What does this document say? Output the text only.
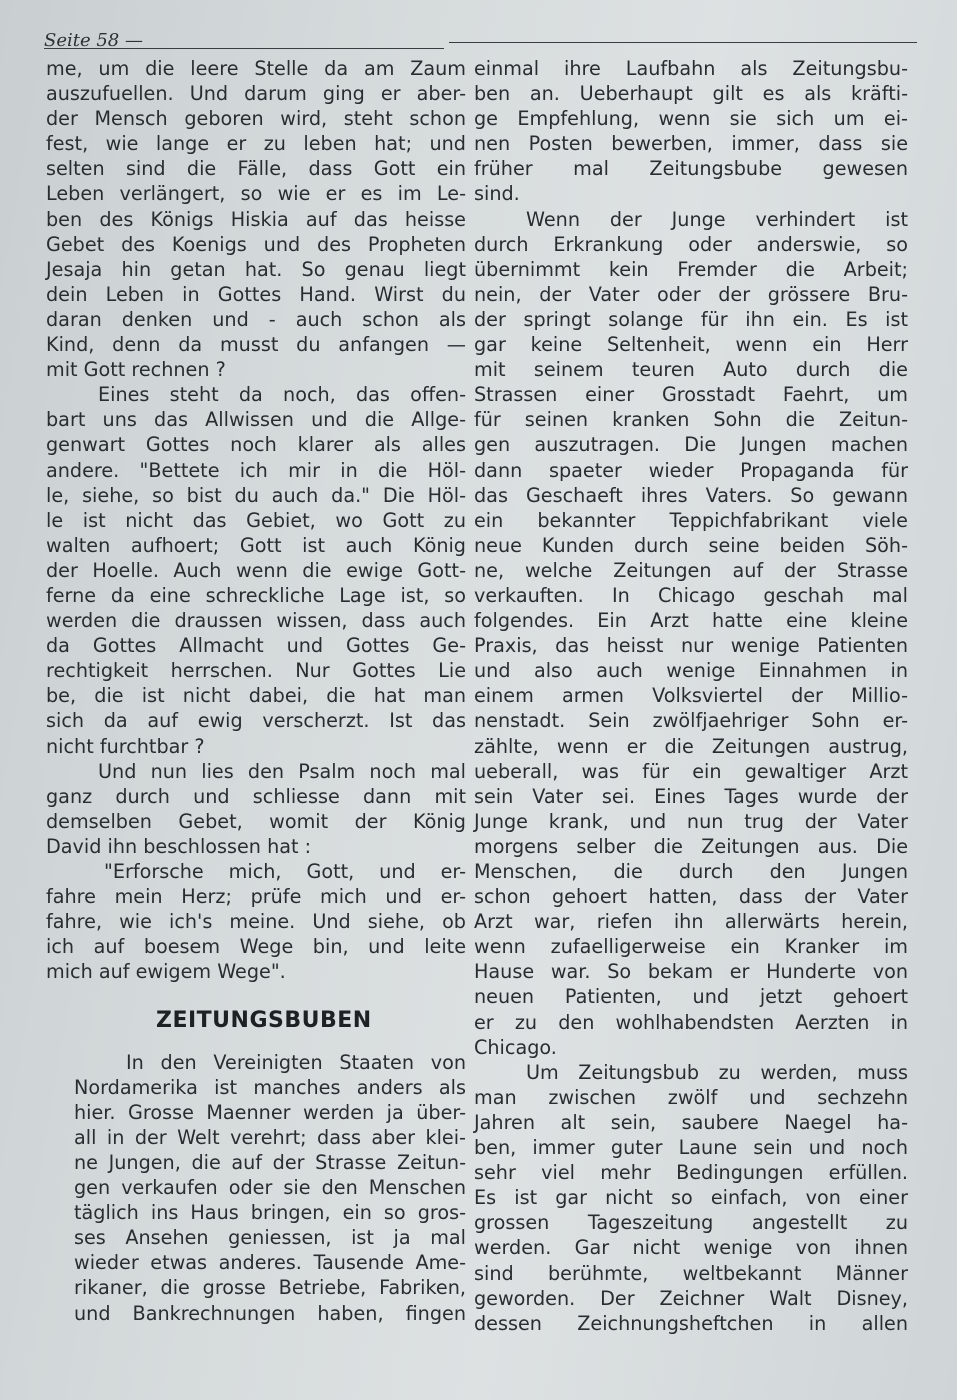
Seite 58 —
me, um die leere Stelle da am Zaum
auszufuellen. Und darum ging er aber-
der Mensch geboren wird, steht schon
fest, wie lange er zu leben hat; und
selten sind die Fälle, dass Gott ein
Leben verlängert, so wie er es im Le-
ben des Königs Hiskia auf das heisse
Gebet des Koenigs und des Propheten
Jesaja hin getan hat. So genau liegt
dein Leben in Gottes Hand. Wirst du
daran denken und - auch schon als
Kind, denn da musst du anfangen —
mit Gott rechnen ?
Eines steht da noch, das offen-
bart uns das Allwissen und die Allge-
genwart Gottes noch klarer als alles
andere. "Bettete ich mir in die Höl-
le, siehe, so bist du auch da." Die Höl-
le ist nicht das Gebiet, wo Gott zu
walten aufhoert; Gott ist auch König
der Hoelle. Auch wenn die ewige Gott-
ferne da eine schreckliche Lage ist, so
werden die draussen wissen, dass auch
da Gottes Allmacht und Gottes Ge-
rechtigkeit herrschen. Nur Gottes Lie
be, die ist nicht dabei, die hat man
sich da auf ewig verscherzt. Ist das
nicht furchtbar ?
Und nun lies den Psalm noch mal
ganz durch und schliesse dann mit
demselben Gebet, womit der König
David ihn beschlossen hat :
"Erforsche mich, Gott, und er-
fahre mein Herz; prüfe mich und er-
fahre, wie ich's meine. Und siehe, ob
ich auf boesem Wege bin, und leite
mich auf ewigem Wege".
ZEITUNGSBUBEN
In den Vereinigten Staaten von
Nordamerika ist manches anders als
hier. Grosse Maenner werden ja über-
all in der Welt verehrt; dass aber klei-
ne Jungen, die auf der Strasse Zeitun-
gen verkaufen oder sie den Menschen
täglich ins Haus bringen, ein so gros-
ses Ansehen geniessen, ist ja mal
wieder etwas anderes. Tausende Ame-
rikaner, die grosse Betriebe, Fabriken,
und Bankrechnungen haben, fingen
einmal ihre Laufbahn als Zeitungsbu-
ben an. Ueberhaupt gilt es als kräfti-
ge Empfehlung, wenn sie sich um ei-
nen Posten bewerben, immer, dass sie
früher mal Zeitungsbube gewesen
sind.
Wenn der Junge verhindert ist
durch Erkrankung oder anderswie, so
übernimmt kein Fremder die Arbeit;
nein, der Vater oder der grössere Bru-
der springt solange für ihn ein. Es ist
gar keine Seltenheit, wenn ein Herr
mit seinem teuren Auto durch die
Strassen einer Grosstadt Faehrt, um
für seinen kranken Sohn die Zeitun-
gen auszutragen. Die Jungen machen
dann spaeter wieder Propaganda für
das Geschaeft ihres Vaters. So gewann
ein bekannter Teppichfabrikant viele
neue Kunden durch seine beiden Söh-
ne, welche Zeitungen auf der Strasse
verkauften. In Chicago geschah mal
folgendes. Ein Arzt hatte eine kleine
Praxis, das heisst nur wenige Patienten
und also auch wenige Einnahmen in
einem armen Volksviertel der Millio-
nenstadt. Sein zwölfjaehriger Sohn er-
zählte, wenn er die Zeitungen austrug,
ueberall, was für ein gewaltiger Arzt
sein Vater sei. Eines Tages wurde der
Junge krank, und nun trug der Vater
morgens selber die Zeitungen aus. Die
Menschen, die durch den Jungen
schon gehoert hatten, dass der Vater
Arzt war, riefen ihn allerwärts herein,
wenn zufaelligerweise ein Kranker im
Hause war. So bekam er Hunderte von
neuen Patienten, und jetzt gehoert
er zu den wohlhabendsten Aerzten in
Chicago.
Um Zeitungsbub zu werden, muss
man zwischen zwölf und sechzehn
Jahren alt sein, saubere Naegel ha-
ben, immer guter Laune sein und noch
sehr viel mehr Bedingungen erfüllen.
Es ist gar nicht so einfach, von einer
grossen Tageszeitung angestellt zu
werden. Gar nicht wenige von ihnen
sind berühmte, weltbekannt Männer
geworden. Der Zeichner Walt Disney,
dessen Zeichnungsheftchen in allen
